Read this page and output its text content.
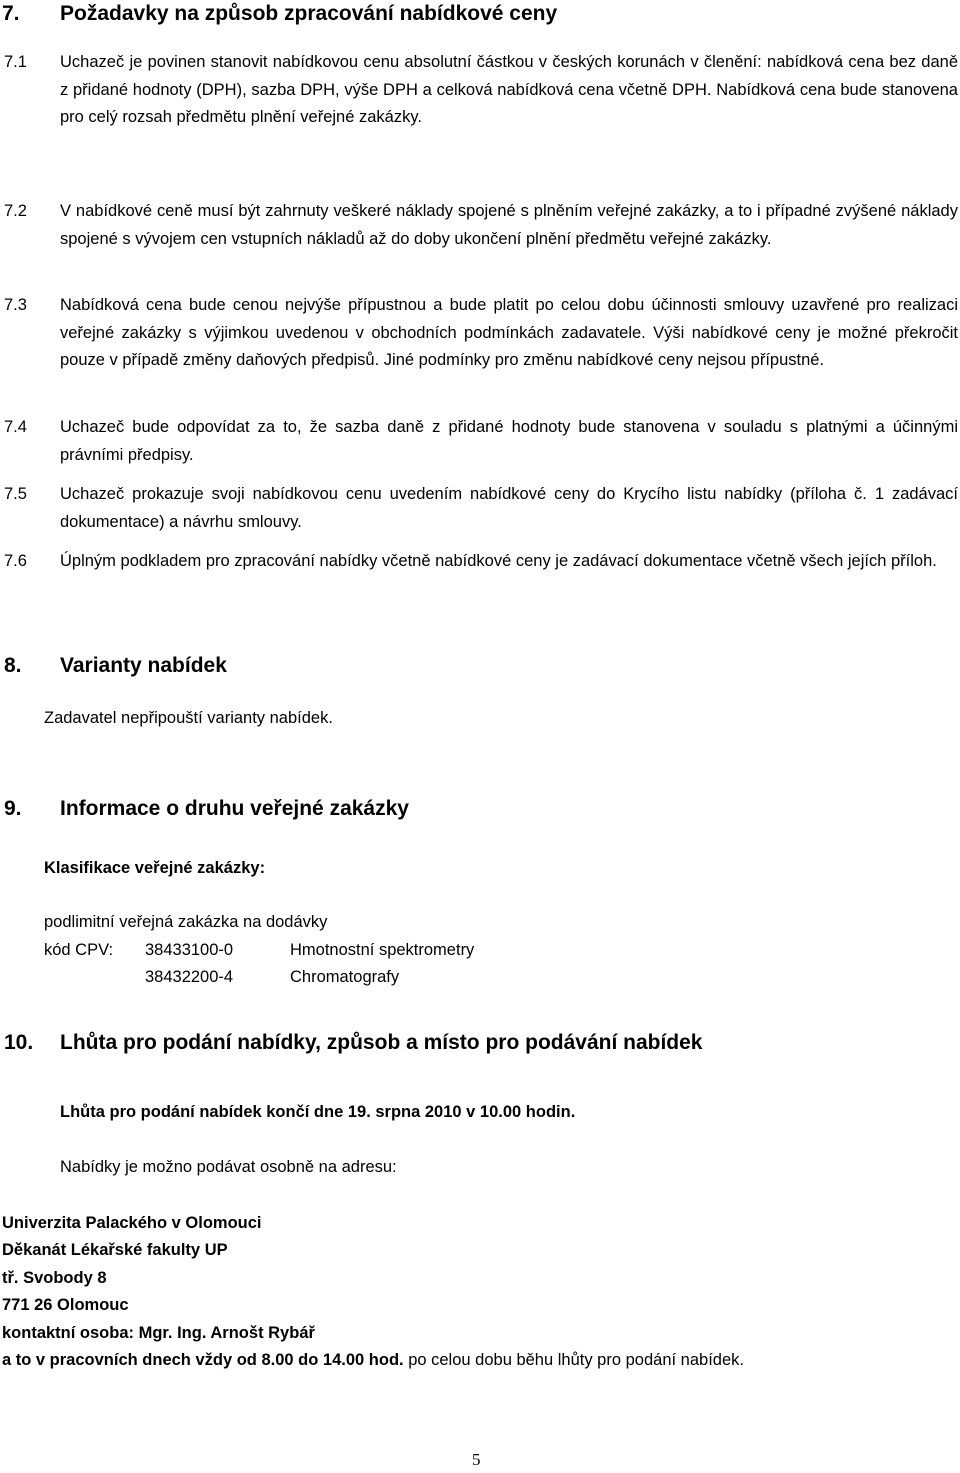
7. Požadavky na způsob zpracování nabídkové ceny
7.1	Uchazeč je povinen stanovit nabídkovou cenu absolutní částkou v českých korunách v členění: nabídková cena bez daně z přidané hodnoty (DPH), sazba DPH, výše DPH a celková nabídková cena včetně DPH. Nabídková cena bude stanovena pro celý rozsah předmětu plnění veřejné zakázky.
7.2	V nabídkové ceně musí být zahrnuty veškeré náklady spojené s plněním veřejné zakázky, a to i případné zvýšené náklady spojené s vývojem cen vstupních nákladů až do doby ukončení plnění předmětu veřejné zakázky.
7.3	Nabídková cena bude cenou nejvýše přípustnou a bude platit po celou dobu účinnosti smlouvy uzavřené pro realizaci veřejné zakázky s výjimkou uvedenou v obchodních podmínkách zadavatele. Výši nabídkové ceny je možné překročit pouze v případě změny daňových předpisů. Jiné podmínky pro změnu nabídkové ceny nejsou přípustné.
7.4	Uchazeč bude odpovídat za to, že sazba daně z přidané hodnoty bude stanovena v souladu s platnými a účinnými právními předpisy.
7.5	Uchazeč prokazuje svoji nabídkovou cenu uvedením nabídkové ceny do Krycího listu nabídky (příloha č. 1 zadávací dokumentace) a návrhu smlouvy.
7.6	Úplným podkladem pro zpracování nabídky včetně nabídkové ceny je zadávací dokumentace včetně všech jejích příloh.
8. Varianty nabídek
Zadavatel nepřipouští varianty nabídek.
9. Informace o druhu veřejné zakázky
Klasifikace veřejné zakázky:
podlimitní veřejná zakázka na dodávky
kód CPV: 38433100-0	Hmotnostní spektrometry
38432200-4	Chromatografy
10. Lhůta pro podání nabídky, způsob a místo pro podávání nabídek
Lhůta pro podání nabídek končí dne 19. srpna 2010 v 10.00 hodin.
Nabídky je možno podávat osobně na adresu:
Univerzita Palackého v Olomouci
Děkanát Lékařské fakulty UP
tř. Svobody 8
771 26 Olomouc
kontaktní osoba: Mgr. Ing. Arnošt Rybář
a to v pracovních dnech vždy od 8.00 do 14.00 hod. po celou dobu běhu lhůty pro podání nabídek.
5
